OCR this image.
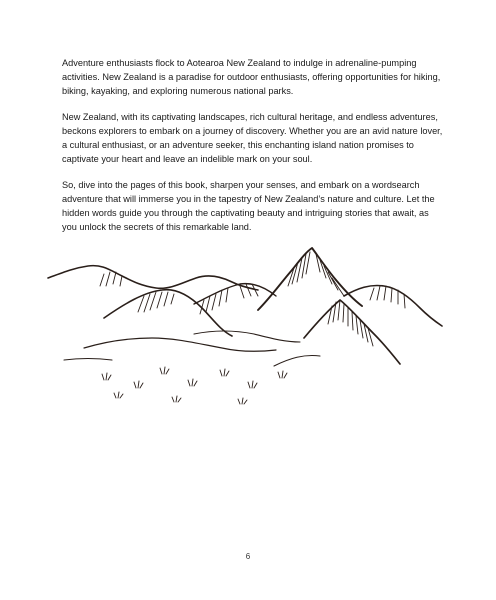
Adventure enthusiasts flock to Aotearoa New Zealand to indulge in adrenaline-pumping activities. New Zealand is a paradise for outdoor enthusiasts, offering opportunities for hiking, biking, kayaking, and exploring numerous national parks.

New Zealand, with its captivating landscapes, rich cultural heritage, and endless adventures, beckons explorers to embark on a journey of discovery. Whether you are an avid nature lover, a cultural enthusiast, or an adventure seeker, this enchanting island nation promises to captivate your heart and leave an indelible mark on your soul.

So, dive into the pages of this book, sharpen your senses, and embark on a wordsearch adventure that will immerse you in the tapestry of New Zealand’s nature and culture. Let the hidden words guide you through the captivating beauty and intriguing stories that await, as you unlock the secrets of this remarkable land.

6
